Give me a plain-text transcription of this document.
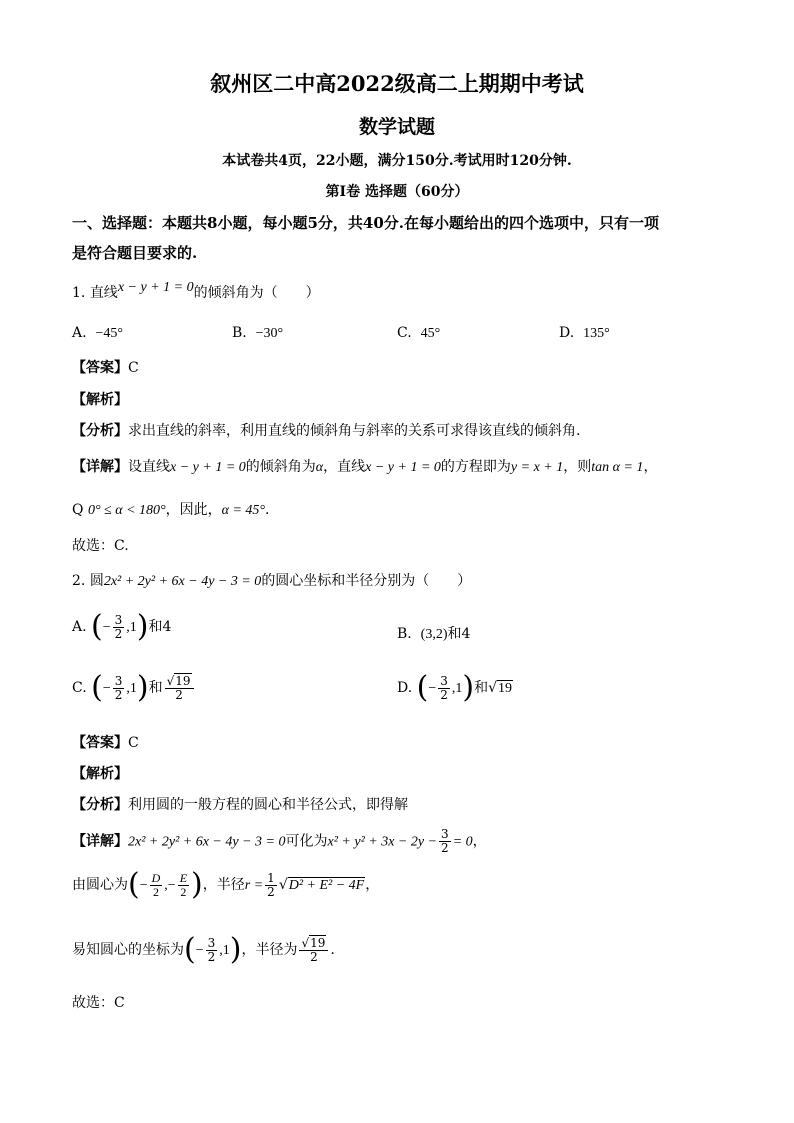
叙州区二中高2022级高二上期期中考试
数学试题
本试卷共4页，22小题，满分150分.考试用时120分钟.
第I卷 选择题（60分）
一、选择题：本题共8小题，每小题5分，共40分.在每小题给出的四个选项中，只有一项
是符合题目要求的.
1. 直线x − y + 1 = 0的倾斜角为（　　）
A. −45°	B. −30°	C. 45°	D. 135°
【答案】C
【解析】
【分析】求出直线的斜率，利用直线的倾斜角与斜率的关系可求得该直线的倾斜角.
【详解】设直线x − y + 1 = 0的倾斜角为α，直线x − y + 1 = 0的方程即为y = x + 1，则tan α = 1，
Q 0° ≤ α < 180°，因此，α = 45°.
故选：C.
2. 圆2x² + 2y² + 6x − 4y − 3 = 0的圆心坐标和半径分别为（　　）
A. (− $\frac{3}{2} ,1$)和4	B. (3,2)和4
C. (− $\frac{3}{2} ,1$)和 $\frac{√19}{2}$	D. (− $\frac{3}{2} ,1$)和√19
【答案】C
【解析】
【分析】利用圆的一般方程的圆心和半径公式，即得解
【详解】2x² + 2y² + 6x − 4y − 3 = 0可化为$x^2 + y^2 + 3x - 2y - \frac{3}{2} = 0$，
由圆心为(− $\frac{D}{2}$ ,− $\frac{E}{2}$ )，半径$r = \frac{1}{2} √D^2 + E^2 - 4F$，
易知圆心的坐标为(− $\frac{3}{2} ,1$)，半径为 $\frac{√19}{2}$ .
故选：C
